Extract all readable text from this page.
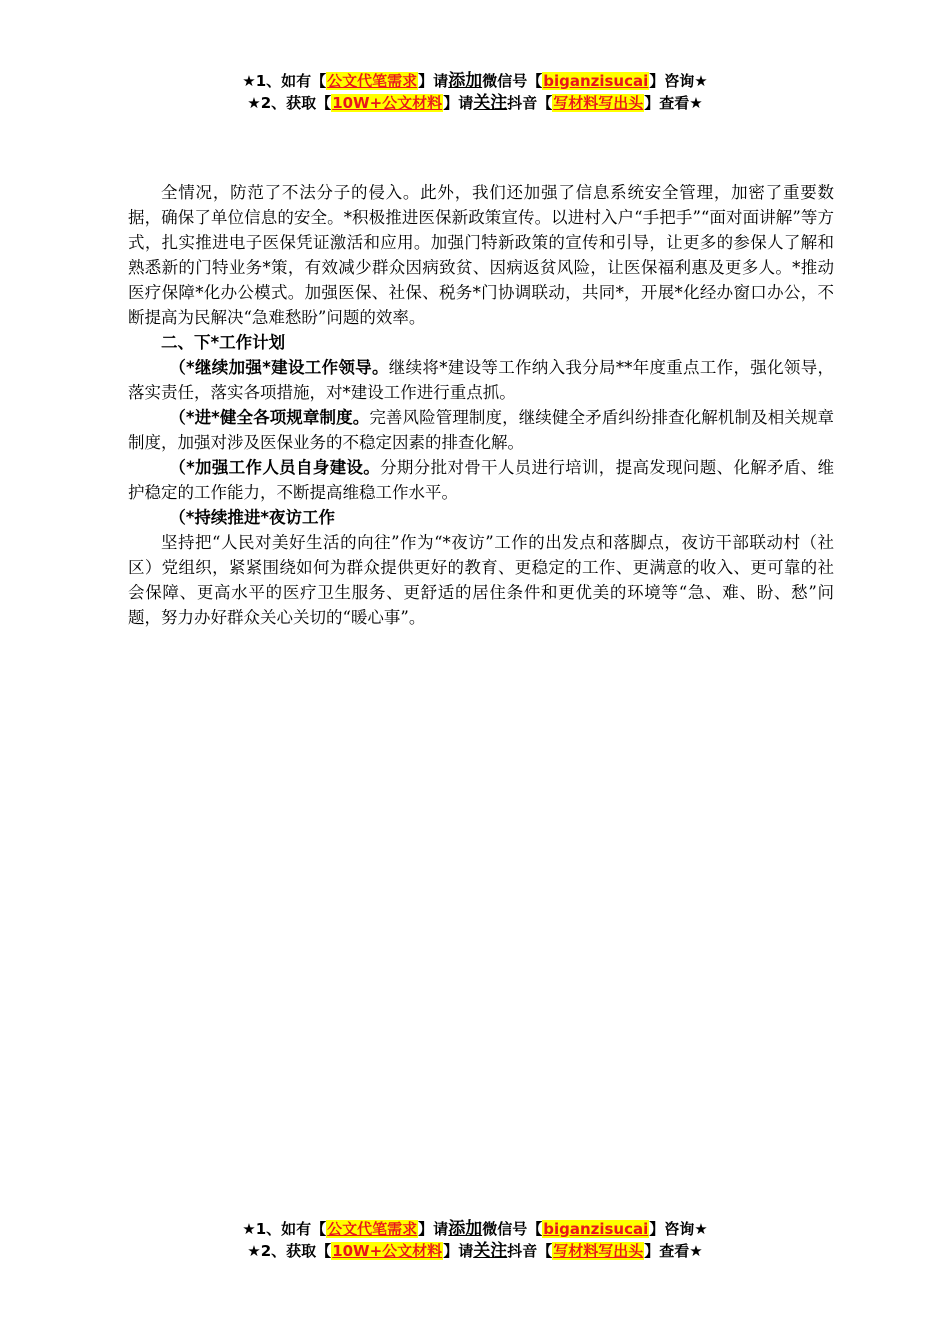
★1、如有【公文代笔需求】请添加微信号【biganzisucai】咨询★
★2、获取【10W+公文材料】请关注抖音【写材料写出头】查看★

全情况，防范了不法分子的侵入。此外，我们还加强了信息系统安全管理，加密了重要数据，确保了单位信息的安全。*积极推进医保新政策宣传。以进村入户“手把手”“面对面讲解”等方式，扎实推进电子医保凭证激活和应用。加强门特新政策的宣传和引导，让更多的参保人了解和熟悉新的门特业务*策，有效减少群众因病致贫、因病返贫风险，让医保福利惠及更多人。*推动医疗保障*化办公模式。加强医保、社保、税务*门协调联动，共同*，开展*化经办窗口办公，不断提高为民解决“急难愁盼”问题的效率。

二、下*工作计划

（*继续加强*建设工作领导。继续将*建设等工作纳入我分局**年度重点工作，强化领导，落实责任，落实各项措施，对*建设工作进行重点抓。

（*进*健全各项规章制度。完善风险管理制度，继续健全矛盾纠纷排查化解机制及相关规章制度，加强对涉及医保业务的不稳定因素的排查化解。

（*加强工作人员自身建设。分期分批对骨干人员进行培训，提高发现问题、化解矛盾、维护稳定的工作能力，不断提高维稳工作水平。

（*持续推进*夜访工作

坚持把“人民对美好生活的向往”作为“*夜访”工作的出发点和落脚点，夜访干部联动村（社区）党组织，紧紧围绕如何为群众提供更好的教育、更稳定的工作、更满意的收入、更可靠的社会保障、更高水平的医疗卫生服务、更舒适的居住条件和更优美的环境等“急、难、盼、愁”问题，努力办好群众关心关切的“暖心事”。

★1、如有【公文代笔需求】请添加微信号【biganzisucai】咨询★
★2、获取【10W+公文材料】请关注抖音【写材料写出头】查看★
